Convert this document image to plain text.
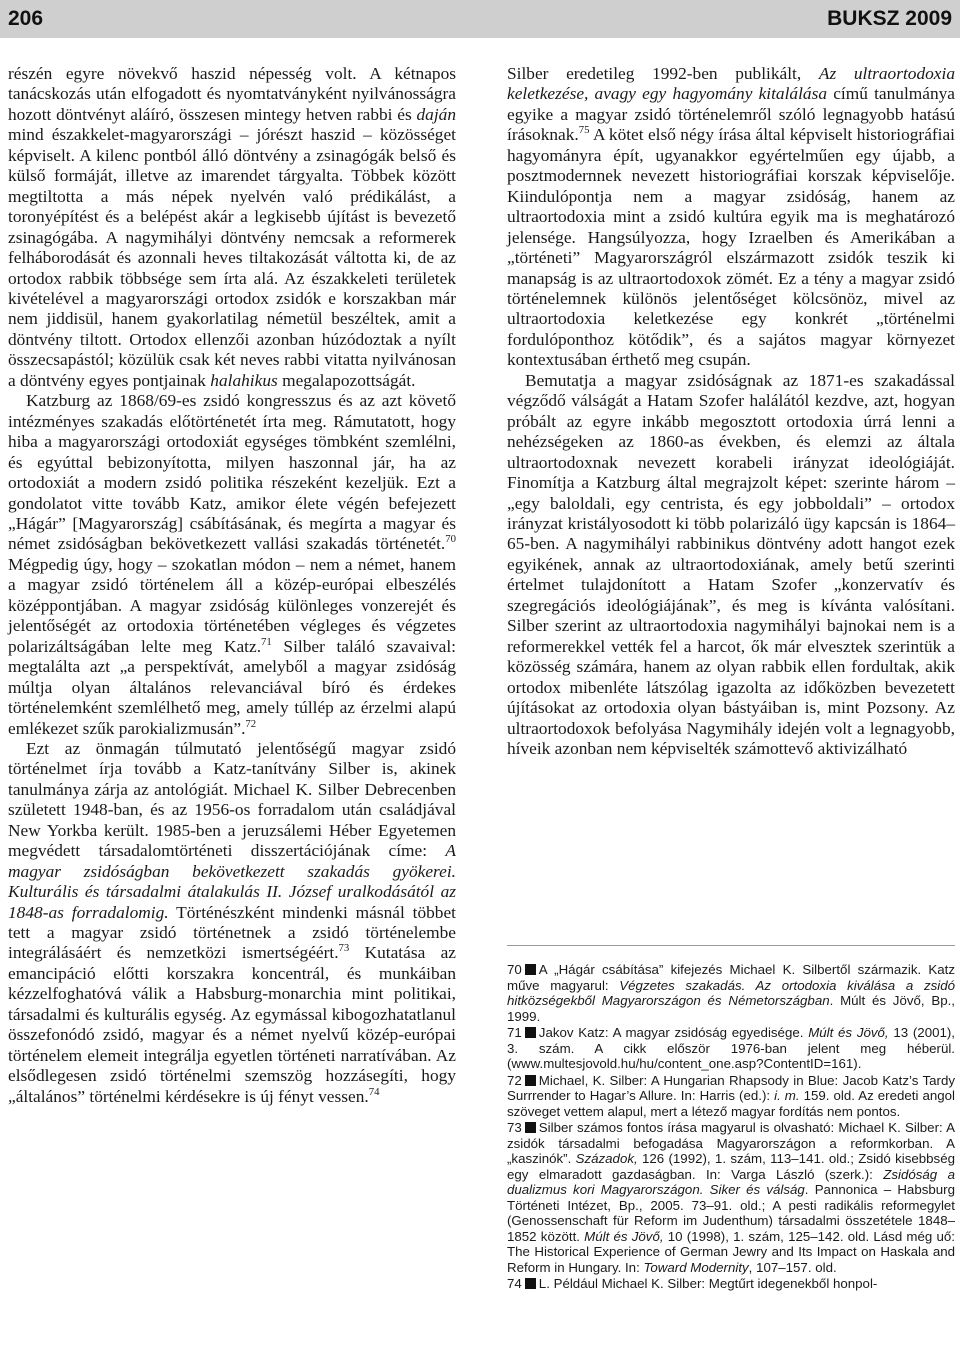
206	BUKSZ 2009

részén egyre növekvő haszid népesség volt. A kétnapos tanácskozás után elfogadott és nyomtatványként nyilvánosságra hozott döntvényt aláíró, összesen mintegy hetven rabbi és daján mind északkelet-magyarországi – jórészt haszid – közösséget képviselt. A kilenc pontból álló döntvény a zsinagógák belső és külső formáját, illetve az imarendet tárgyalta. Többek között megtiltotta a más népek nyelvén való prédikálást, a toronyépítést és a belépést akár a legkisebb újítást is bevezető zsinagógába. A nagymihályi döntvény nemcsak a reformerek felháborodását és azonnali heves tiltakozását váltotta ki, de az ortodox rabbik többsége sem írta alá. Az északkeleti területek kivételével a magyarországi ortodox zsidók e korszakban már nem jiddisül, hanem gyakorlatilag németül beszéltek, amit a döntvény tiltott. Ortodox ellenzői azonban húzódoztak a nyílt összecsapástól; közülük csak két neves rabbi vitatta nyilvánosan a döntvény egyes pontjainak halahikus megalapozottságát.

Katzburg az 1868/69-es zsidó kongresszus és az azt követő intézményes szakadás előtörténetét írta meg. Rámutatott, hogy hiba a magyarországi ortodoxiát egységes tömbként szemlélni, és egyúttal bebizonyította, milyen haszonnal jár, ha az ortodoxiát a modern zsidó politika részeként kezeljük. Ezt a gondolatot vitte tovább Katz, amikor élete végén befejezett „Hágár” [Magyarország] csábításának, és megírta a magyar és német zsidóságban bekövetkezett vallási szakadás történetét.$^{70}$ Mégpedig úgy, hogy – szokatlan módon – nem a német, hanem a magyar zsidó történelem áll a közép-európai elbeszélés középpontjában. A magyar zsidóság különleges vonzerejét és jelentőségét az ortodoxia történetében végleges és végzetes polarizáltságában lelte meg Katz.$^{71}$ Silber találó szavaival: megtalálta azt „a perspektívát, amelyből a magyar zsidóság múltja olyan általános relevanciával bíró és érdekes történelemként szemlélhető meg, amely túllép az érzelmi alapú emlékezet szűk parokializmusán”.$^{72}$

Ezt az önmagán túlmutató jelentőségű magyar zsidó történelmet írja tovább a Katz-tanítvány Silber is, akinek tanulmánya zárja az antológiát. Michael K. Silber Debrecenben született 1948-ban, és az 1956-os forradalom után családjával New Yorkba került. 1985-ben a jeruzsálemi Héber Egyetemen megvédett társadalomtörténeti disszertációjának címe: A magyar zsidóságban bekövetkezett szakadás gyökerei. Kulturális és társadalmi átalakulás II. József uralkodásától az 1848-as forradalomig. Történészként mindenki másnál többet tett a magyar zsidó történetnek a zsidó történelembe integrálásáért és nemzetközi ismertségéért.$^{73}$ Kutatása az emancipáció előtti korszakra koncentrál, és munkáiban kézzelfoghatóvá válik a Habsburg-monarchia mint politikai, társadalmi és kulturális egység. Az egymással kibogozhatatlanul összefonódó zsidó, magyar és a német nyelvű közép-európai történelem elemeit integrálja egyetlen történeti narratívában. Az elsődlegesen zsidó történelmi szemszög hozzásegíti, hogy „általános” történelmi kérdésekre is új fényt vessen.$^{74}$

Silber eredetileg 1992-ben publikált, Az ultraortodoxia keletkezése, avagy egy hagyomány kitalálása című tanulmánya egyike a magyar zsidó történelemről szóló legnagyobb hatású írásoknak.$^{75}$ A kötet első négy írása által képviselt historiográfiai hagyományra épít, ugyanakkor egyértelműen egy újabb, a posztmodernnek nevezett historiográfiai korszak képviselője. Kiindulópontja nem a magyar zsidóság, hanem az ultraortodoxia mint a zsidó kultúra egyik ma is meghatározó jelensége. Hangsúlyozza, hogy Izraelben és Amerikában a „történeti” Magyarországról elszármazott zsidók teszik ki manapság is az ultraortodoxok zömét. Ez a tény a magyar zsidó történelemnek különös jelentőséget kölcsönöz, mivel az ultraortodoxia keletkezése egy konkrét „történelmi fordulóponthoz kötődik”, és a sajátos magyar környezet kontextusában érthető meg csupán.

Bemutatja a magyar zsidóságnak az 1871-es szakadással végződő válságát a Hatam Szofer halálától kezdve, azt, hogyan próbált az egyre inkább megosztott ortodoxia úrrá lenni a nehézségeken az 1860-as években, és elemzi az általa ultraortodoxnak nevezett korabeli irányzat ideológiáját. Finomítja a Katzburg által megrajzolt képet: szerinte három – „egy baloldali, egy centrista, és egy jobboldali” – ortodox irányzat kristályosodott ki több polarizáló ügy kapcsán is 1864–65-ben. A nagymihályi rabbinikus döntvény adott hangot ezek egyikének, annak az ultraortodoxiának, amely betű szerinti értelmet tulajdonított a Hatam Szofer „konzervatív és szegregációs ideológiájának”, és meg is kívánta valósítani. Silber szerint az ultraortodoxia nagymihályi bajnokai nem is a reformerekkel vették fel a harcot, ők már elvesztek szerintük a közösség számára, hanem az olyan rabbik ellen fordultak, akik ortodox mibenléte látszólag igazolta az időközben bevezetett újításokat az ortodoxia olyan bástyáiban is, mint Pozsony. Az ultraortodoxok befolyása Nagymihály idején volt a legnagyobb, híveik azonban nem képviselték számottevő aktivizálható

70 A „Hágár csábítása” kifejezés Michael K. Silbertől származik. Katz műve magyarul: Végzetes szakadás. Az ortodoxia kiválása a zsidó hitközségekből Magyarországon és Németországban. Múlt és Jövő, Bp., 1999.

71 Jakov Katz: A magyar zsidóság egyedisége. Múlt és Jövő, 13 (2001), 3. szám. A cikk először 1976-ban jelent meg héberül. (www.multesjovold.hu/hu/content_one.asp?ContentID=161).

72 Michael, K. Silber: A Hungarian Rhapsody in Blue: Jacob Katz’s Tardy Surrrender to Hagar’s Allure. In: Harris (ed.): i. m. 159. old. Az eredeti angol szöveget vettem alapul, mert a létező magyar fordítás nem pontos.

73 Silber számos fontos írása magyarul is olvasható: Michael K. Silber: A zsidók társadalmi befogadása Magyarországon a reformkorban. A „kaszinók”. Századok, 126 (1992), 1. szám, 113–141. old.; Zsidó kisebbség egy elmaradott gazdaságban. In: Varga László (szerk.): Zsidóság a dualizmus kori Magyarországon. Siker és válság. Pannonica – Habsburg Történeti Intézet, Bp., 2005. 73–91. old.; A pesti radikális reformegylet (Genossenschaft für Reform im Judenthum) társadalmi összetétele 1848–1852 között. Múlt és Jövő, 10 (1998), 1. szám, 125–142. old. Lásd még uő: The Historical Experience of German Jewry and Its Impact on Haskala and Reform in Hungary. In: Toward Modernity, 107–157. old.

74 L. Például Michael K. Silber: Megtűrt idegenekből honpol-
